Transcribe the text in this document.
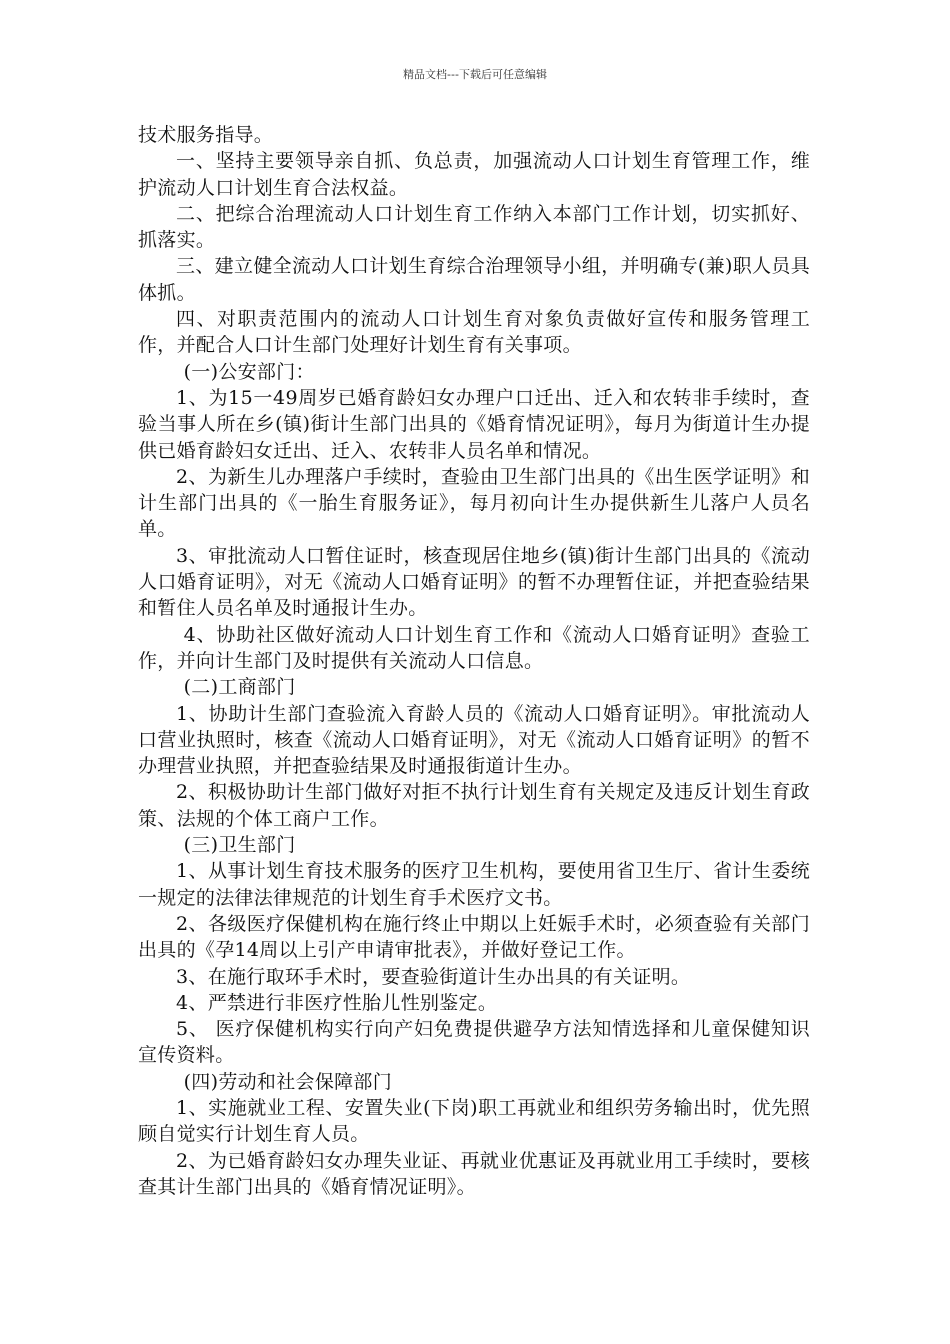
精品文档---下载后可任意编辑

技术服务指导。

一、坚持主要领导亲自抓、负总责，加强流动人口计划生育管理工作，维护流动人口计划生育合法权益。

二、把综合治理流动人口计划生育工作纳入本部门工作计划，切实抓好、抓落实。

三、建立健全流动人口计划生育综合治理领导小组，并明确专(兼)职人员具体抓。

四、对职责范围内的流动人口计划生育对象负责做好宣传和服务管理工作，并配合人口计生部门处理好计划生育有关事项。

(一)公安部门：

1、为15一49周岁已婚育龄妇女办理户口迁出、迁入和农转非手续时，查验当事人所在乡(镇)街计生部门出具的《婚育情况证明》，每月为街道计生办提供已婚育龄妇女迁出、迁入、农转非人员名单和情况。

2、为新生儿办理落户手续时，查验由卫生部门出具的《出生医学证明》和计生部门出具的《一胎生育服务证》，每月初向计生办提供新生儿落户人员名单。

3、审批流动人口暂住证时，核查现居住地乡(镇)街计生部门出具的《流动人口婚育证明》，对无《流动人口婚育证明》的暂不办理暂住证，并把查验结果和暂住人员名单及时通报计生办。

4、协助社区做好流动人口计划生育工作和《流动人口婚育证明》查验工作，并向计生部门及时提供有关流动人口信息。

(二)工商部门

1、协助计生部门查验流入育龄人员的《流动人口婚育证明》。审批流动人口营业执照时，核查《流动人口婚育证明》，对无《流动人口婚育证明》的暂不办理营业执照，并把查验结果及时通报街道计生办。

2、积极协助计生部门做好对拒不执行计划生育有关规定及违反计划生育政策、法规的个体工商户工作。

(三)卫生部门

1、从事计划生育技术服务的医疗卫生机构，要使用省卫生厅、省计生委统一规定的法律法律规范的计划生育手术医疗文书。

2、各级医疗保健机构在施行终止中期以上妊娠手术时，必须查验有关部门出具的《孕14周以上引产申请审批表》，并做好登记工作。

3、在施行取环手术时，要查验街道计生办出具的有关证明。

4、严禁进行非医疗性胎儿性别鉴定。

5、 医疗保健机构实行向产妇免费提供避孕方法知情选择和儿童保健知识宣传资料。

(四)劳动和社会保障部门

1、实施就业工程、安置失业(下岗)职工再就业和组织劳务输出时，优先照顾自觉实行计划生育人员。

2、为已婚育龄妇女办理失业证、再就业优惠证及再就业用工手续时，要核查其计生部门出具的《婚育情况证明》。
